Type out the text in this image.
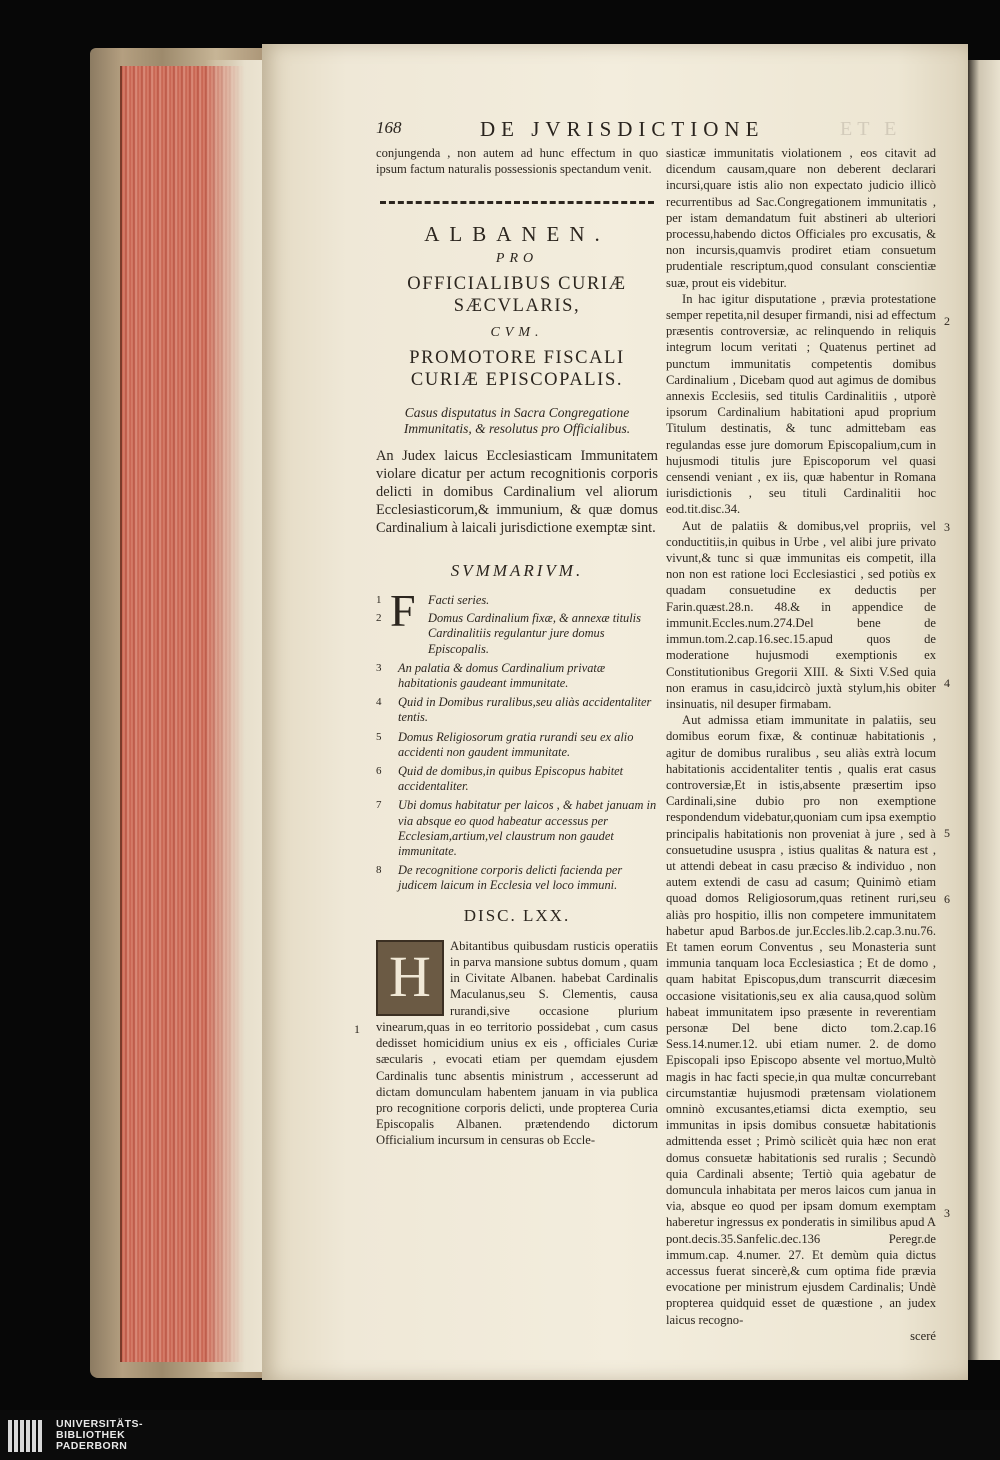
168	DE JVRISDICTIONE	ET E

conjungenda , non autem ad hunc effectum in quo ipsum factum naturalis possessionis spectandum venit.

ALBANEN.
PRO
OFFICIALIBUS CURIÆ SÆCVLARIS,
CVM.
PROMOTORE FISCALI CURIÆ EPISCOPALIS.
Casus disputatus in Sacra Congregatione Immunitatis, & resolutus pro Officialibus.
An Judex laicus Ecclesiasticam Immunitatem violare dicatur per actum recognitionis corporis delicti in domibus Cardinalium vel aliorum Ecclesiasticorum,& immunium, & quæ domus Cardinalium à laicali jurisdictione exemptæ sint.
SVMMARIVM.
1 F Facti series.
2	Domus Cardinalium fixæ, & annexæ titulis Cardinalitiis regulantur jure domus Episcopalis.
3 An palatia & domus Cardinalium privatæ habitationis gaudeant immunitate.
4 Quid in Domibus ruralibus,seu aliàs accidentaliter tentis.
5 Domus Religiosorum gratia rurandi seu ex alio accidenti non gaudent immunitate.
6 Quid de domibus,in quibus Episcopus habitet accidentaliter.
7 Ubi domus habitatur per laicos , & habet januam in via absque eo quod habeatur accessus per Ecclesiam,artium,vel claustrum non gaudet immunitate.
8 De recognitione corporis delicti facienda per judicem laicum in Ecclesia vel loco immuni.
DISC. LXX.
H	Abitantibus quibusdam rusticis operatiis in parva mansione subtus domum , quam in Civitate Albanen. habebat Cardinalis Maculanus,seu S. Clementis, causa rurandi,sive occasione plurium vinearum,quas in eo territorio possidebat , cum casus dedisset homicidium unius ex eis , officiales Curiæ sæcularis , evocati etiam per quemdam ejusdem Cardinalis tunc absentis ministrum , accesserunt ad dictam domunculam habentem januam in via publica pro recognitione corporis delicti, unde propterea Curia Episcopalis Albanen. prætendendo dictorum Officialium incursum in censuras ob Eccle-

siasticæ immunitatis violationem , eos citavit ad dicendum causam,quare non deberent declarari incursi,quare istis alio non expectato judicio illicò recurrentibus ad Sac.Congregationem immunitatis , per istam demandatum fuit abstineri ab ulteriori processu,habendo dictos Officiales pro excusatis, & non incursis,quamvis prodiret etiam consuetum prudentiale rescriptum,quod consulant conscientiæ suæ, prout eis videbitur.

In hac igitur disputatione , prævia protestatione semper repetita,nil desuper firmandi, nisi ad effectum præsentis controversiæ, ac relinquendo in reliquis integrum locum veritati ; Quatenus pertinet ad punctum immunitatis competentis domibus Cardinalium , Dicebam quod aut agimus de domibus annexis Ecclesiis, sed titulis Cardinalitiis , utporè ipsorum Cardinalium habitationi apud proprium Titulum destinatis, & tunc admittebam eas regulandas esse jure domorum Episcopalium,cum in hujusmodi titulis jure Episcoporum vel quasi censendi veniant , ex iis, quæ habentur in Romana iurisdictionis , seu tituli Cardinalitii hoc eod.tit.disc.34.

Aut de palatiis & domibus,vel propriis, vel conductitiis,in quibus in Urbe , vel alibi jure privato vivunt,& tunc si quæ immunitas eis competit, illa non non est ratione loci Ecclesiastici , sed potiùs ex quadam consuetudine ex deductis per Farin.quæst.28.n. 48.& in appendice de immunit.Eccles.num.274.Del bene de immun.tom.2.cap.16.sec.15.apud quos de moderatione hujusmodi exemptionis ex Constitutionibus Gregorii XIII. & Sixti V.Sed quia non eramus in casu,idcircò juxtà stylum,his obiter insinuatis, nil desuper firmabam.

Aut admissa etiam immunitate in palatiis, seu domibus eorum fixæ, & continuæ habitationis , agitur de domibus ruralibus , seu aliàs extrà locum habitationis accidentaliter tentis , qualis erat casus controversiæ,Et in istis,absente præsertim ipso Cardinali,sine dubio pro non exemptione respondendum videbatur,quoniam cum ipsa exemptio principalis habitationis non proveniat à jure , sed à consuetudine ususpra , istius qualitas & natura est , ut attendi debeat in casu præciso & individuo , non autem extendi de casu ad casum; Quinimò etiam quoad domos Religiosorum,quas retinent ruri,seu aliàs pro hospitio, illis non competere immunitatem habetur apud Barbos.de jur.Eccles.lib.2.cap.3.nu.76. Et tamen eorum Conventus , seu Monasteria sunt immunia tanquam loca Ecclesiastica ; Et de domo , quam habitat Episcopus,dum transcurrit diæcesim occasione visitationis,seu ex alia causa,quod solùm habeat immunitatem ipso præsente in reverentiam personæ Del bene dicto tom.2.cap.16 Sess.14.numer.12. ubi etiam numer. 2. de domo Episcopali ipso Episcopo absente vel mortuo,Multò magis in hac facti specie,in qua multæ concurrebant circumstantiæ hujusmodi prætensam violationem omninò excusantes,etiamsi dicta exemptio, seu immunitas in ipsis domibus consuetæ habitationis admittenda esset ; Primò scilicèt quia hæc non erat domus consuetæ habitationis sed ruralis ; Secundò quia Cardinali absente; Tertiò quia agebatur de domuncula inhabitata per meros laicos cum janua in via, absque eo quod per ipsam domum exemptam haberetur ingressus ex ponderatis in similibus apud A pont.decis.35.Sanfelic.dec.136 Peregr.de immum.cap. 4.numer. 27. Et demùm quia dictus accessus fuerat sincerè,& cum optima fide prævia evocatione per ministrum ejusdem Cardinalis; Undè propterea quidquid esset de quæstione , an judex laicus recogno-

sceré

1
2
3
4
5
6
3
UNIVERSITÄTS-
BIBLIOTHEK
PADERBORN
